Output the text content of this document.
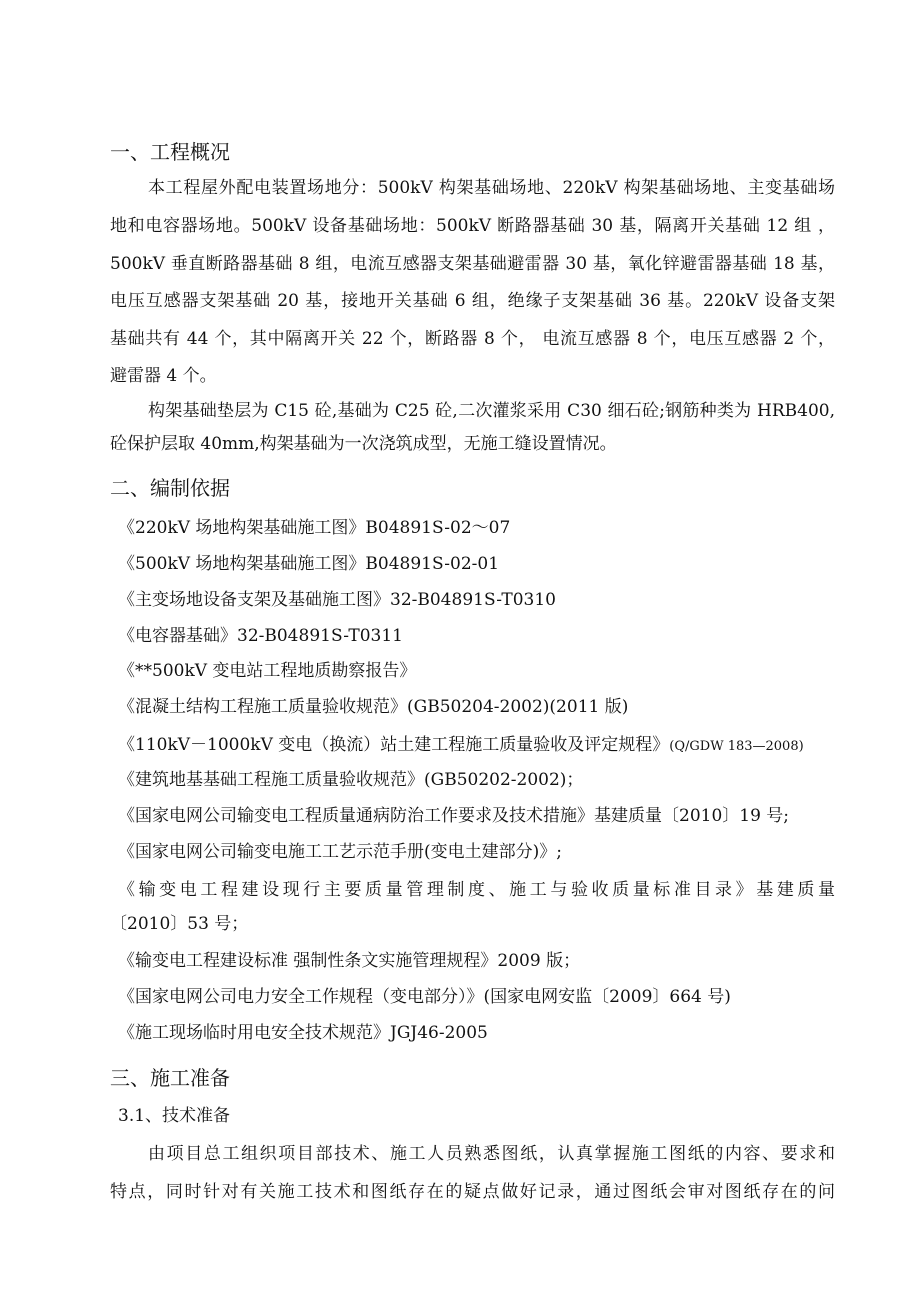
一、工程概况
本工程屋外配电装置场地分：500kV 构架基础场地、220kV 构架基础场地、主变基础场
地和电容器场地。500kV 设备基础场地：500kV 断路器基础 30 基，隔离开关基础 12 组 ，
500kV 垂直断路器基础 8 组，电流互感器支架基础避雷器 30 基，氧化锌避雷器基础 18 基，
电压互感器支架基础 20 基，接地开关基础 6 组，绝缘子支架基础 36 基。220kV 设备支架
基础共有 44 个，其中隔离开关 22 个，断路器 8 个， 电流互感器 8 个，电压互感器 2 个，
避雷器 4 个。
构架基础垫层为 C15 砼,基础为 C25 砼,二次灌浆采用 C30 细石砼;钢筋种类为 HRB400,
砼保护层取 40mm,构架基础为一次浇筑成型，无施工缝设置情况。
二、编制依据
《220kV 场地构架基础施工图》B04891S-02～07
《500kV 场地构架基础施工图》B04891S-02-01
《主变场地设备支架及基础施工图》32-B04891S-T0310
《电容器基础》32-B04891S-T0311
《**500kV 变电站工程地质勘察报告》
《混凝土结构工程施工质量验收规范》(GB50204-2002)(2011 版)
《110kV－1000kV 变电（换流）站土建工程施工质量验收及评定规程》(Q/GDW 183—2008)
《建筑地基基础工程施工质量验收规范》(GB50202-2002)；
《国家电网公司输变电工程质量通病防治工作要求及技术措施》基建质量〔2010〕19 号;
《国家电网公司输变电施工工艺示范手册(变电土建部分)》;
《输变电工程建设现行主要质量管理制度、施工与验收质量标准目录》基建质量
〔2010〕53 号；
《输变电工程建设标准 强制性条文实施管理规程》2009 版；
《国家电网公司电力安全工作规程（变电部分）》(国家电网安监〔2009〕664 号)
《施工现场临时用电安全技术规范》JGJ46-2005
三、施工准备
3.1、技术准备
由项目总工组织项目部技术、施工人员熟悉图纸，认真掌握施工图纸的内容、要求和
特点，同时针对有关施工技术和图纸存在的疑点做好记录，通过图纸会审对图纸存在的问
